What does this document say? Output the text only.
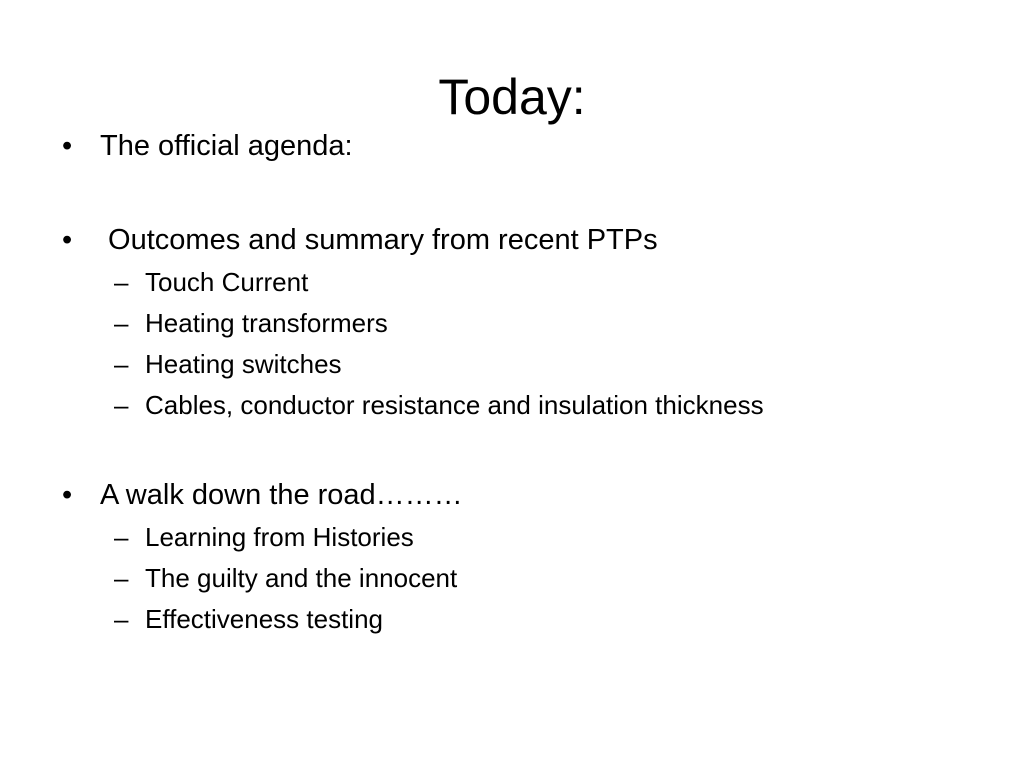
Today:
• The official agenda:
• Outcomes and summary from recent PTPs
– Touch Current
– Heating transformers
– Heating switches
– Cables, conductor resistance and insulation thickness
• A walk down the road………
– Learning from Histories
– The guilty and the innocent
– Effectiveness testing
